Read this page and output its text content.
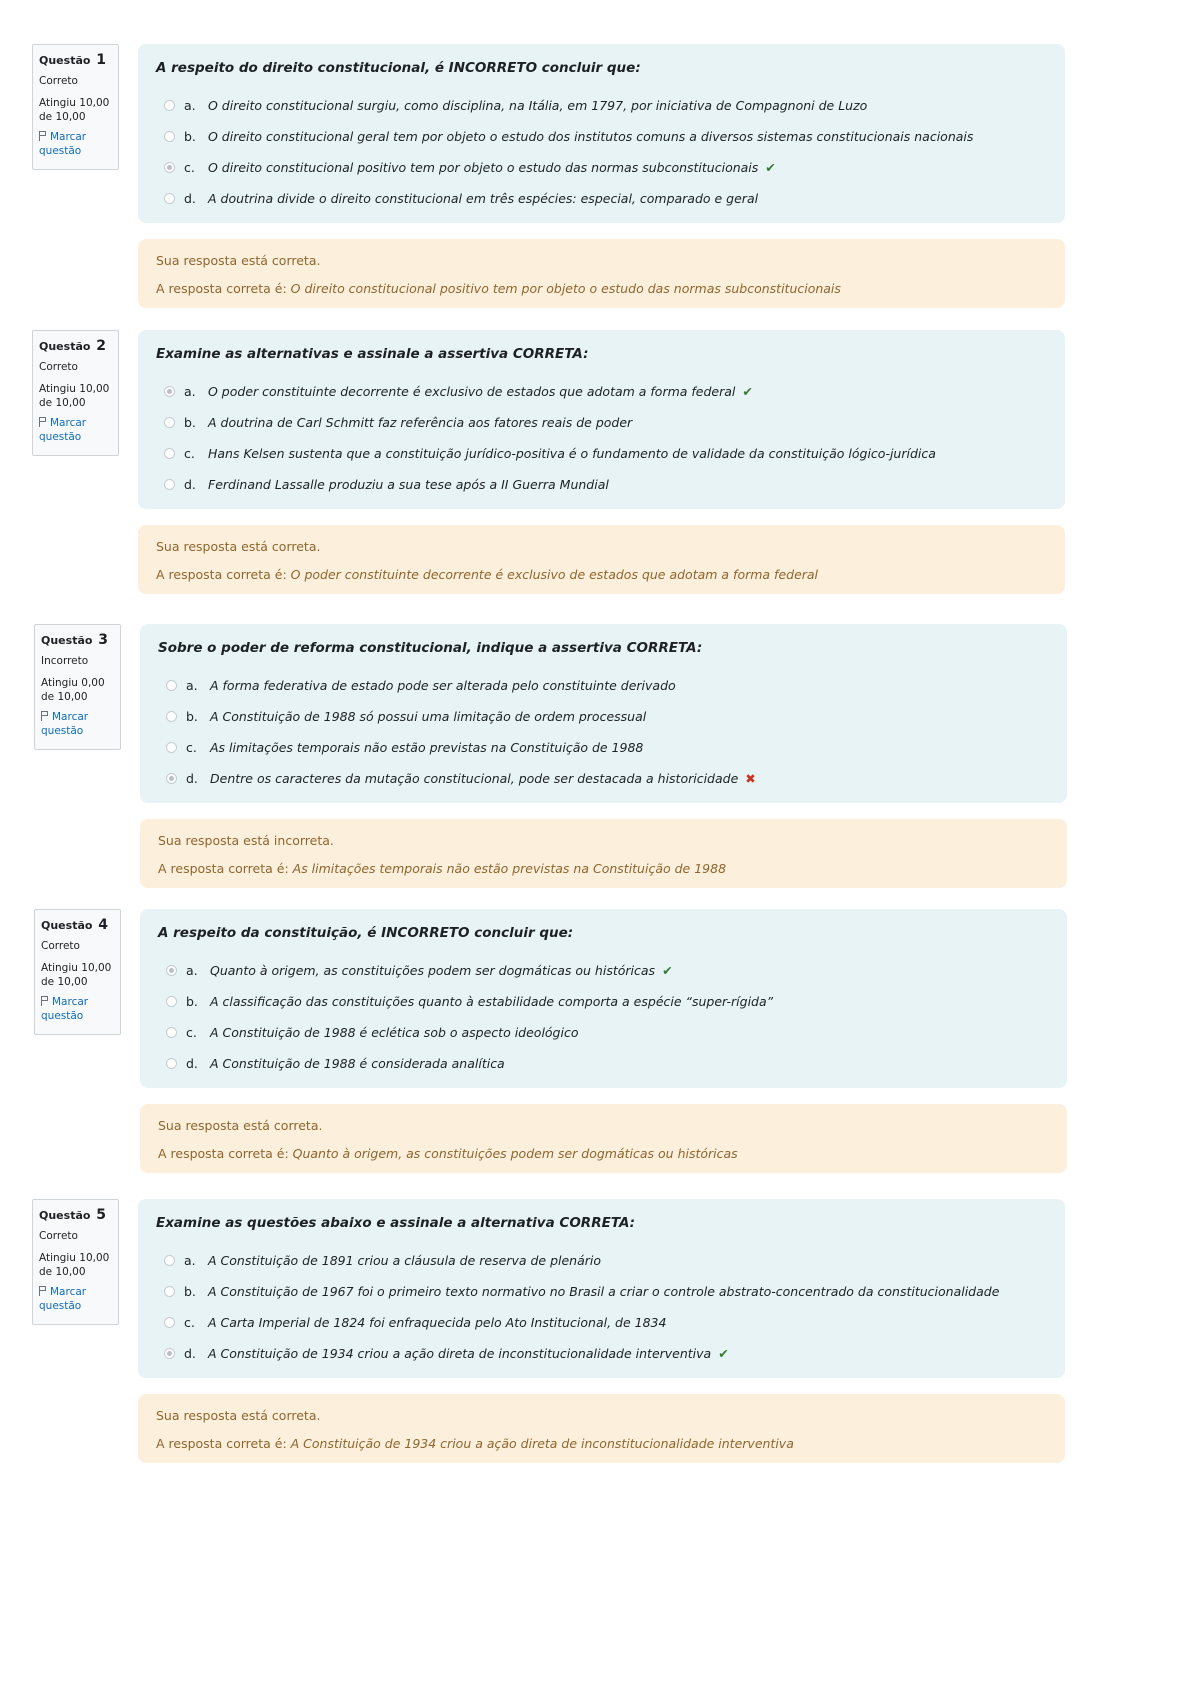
Questão 1
Correto
Atingiu 10,00 de 10,00
Marcar questão
A respeito do direito constitucional, é INCORRETO concluir que:
a. O direito constitucional surgiu, como disciplina, na Itália, em 1797, por iniciativa de Compagnoni de Luzo
b. O direito constitucional geral tem por objeto o estudo dos institutos comuns a diversos sistemas constitucionais nacionais
c.	O direito constitucional positivo tem por objeto o estudo das normas subconstitucionais ✔
d. A doutrina divide o direito constitucional em três espécies: especial, comparado e geral
Sua resposta está correta.
A resposta correta é: O direito constitucional positivo tem por objeto o estudo das normas subconstitucionais
Questão 2
Correto
Atingiu 10,00 de 10,00
Marcar questão
Examine as alternativas e assinale a assertiva CORRETA:
a. O poder constituinte decorrente é exclusivo de estados que adotam a forma federal ✔
b. A doutrina de Carl Schmitt faz referência aos fatores reais de poder
c.	Hans Kelsen sustenta que a constituição jurídico-positiva é o fundamento de validade da constituição lógico-jurídica
d. Ferdinand Lassalle produziu a sua tese após a II Guerra Mundial
Sua resposta está correta.
A resposta correta é: O poder constituinte decorrente é exclusivo de estados que adotam a forma federal
Questão 3
Incorreto
Atingiu 0,00 de 10,00
Marcar questão
Sobre o poder de reforma constitucional, indique a assertiva CORRETA:
a. A forma federativa de estado pode ser alterada pelo constituinte derivado
b. A Constituição de 1988 só possui uma limitação de ordem processual
c.	As limitações temporais não estão previstas na Constituição de 1988
d. Dentre os caracteres da mutação constitucional, pode ser destacada a historicidade ✖
Sua resposta está incorreta.
A resposta correta é: As limitações temporais não estão previstas na Constituição de 1988
Questão 4
Correto
Atingiu 10,00 de 10,00
Marcar questão
A respeito da constituição, é INCORRETO concluir que:
a. Quanto à origem, as constituições podem ser dogmáticas ou históricas ✔
b. A classificação das constituições quanto à estabilidade comporta a espécie “super-rígida”
c.	A Constituição de 1988 é eclética sob o aspecto ideológico
d. A Constituição de 1988 é considerada analítica
Sua resposta está correta.
A resposta correta é: Quanto à origem, as constituições podem ser dogmáticas ou históricas
Questão 5
Correto
Atingiu 10,00 de 10,00
Marcar questão
Examine as questões abaixo e assinale a alternativa CORRETA:
a. A Constituição de 1891 criou a cláusula de reserva de plenário
b. A Constituição de 1967 foi o primeiro texto normativo no Brasil a criar o controle abstrato-concentrado da constitucionalidade
c.	A Carta Imperial de 1824 foi enfraquecida pelo Ato Institucional, de 1834
d. A Constituição de 1934 criou a ação direta de inconstitucionalidade interventiva ✔
Sua resposta está correta.
A resposta correta é: A Constituição de 1934 criou a ação direta de inconstitucionalidade interventiva
